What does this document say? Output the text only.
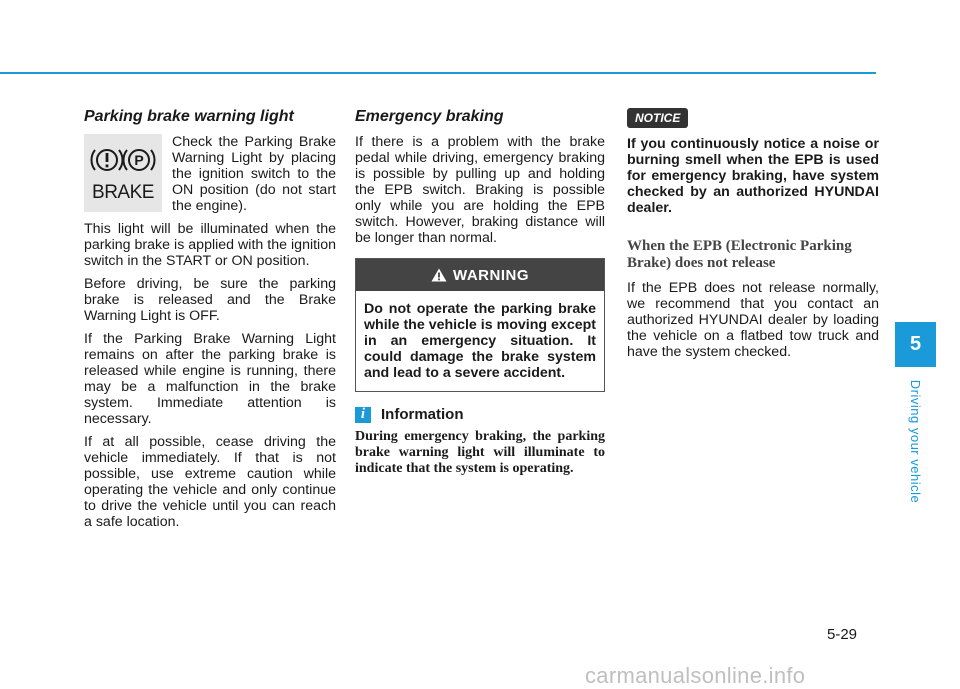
Parking brake warning light
P
BRAKE

Check the Parking Brake Warning Light by placing the ignition switch to the ON position (do not start the engine).

This light will be illuminated when the parking brake is applied with the ignition switch in the START or ON position.

Before driving, be sure the parking brake is released and the Brake Warning Light is OFF.

If the Parking Brake Warning Light remains on after the parking brake is released while engine is running, there may be a malfunction in the brake system. Immediate attention is necessary.

If at all possible, cease driving the vehicle immediately. If that is not possible, use extreme caution while operating the vehicle and only continue to drive the vehicle until you can reach a safe location.

Emergency braking

If there is a problem with the brake pedal while driving, emergency braking is possible by pulling up and holding the EPB switch. Braking is possible only while you are holding the EPB switch. However, braking distance will be longer than normal.

WARNING
Do not operate the parking brake while the vehicle is moving except in an emergency situation. It could damage the brake system and lead to a severe accident.
i	Information

During emergency braking, the parking brake warning light will illuminate to indicate that the system is operating.

NOTICE

If you continuously notice a noise or burning smell when the EPB is used for emergency braking, have system checked by an authorized HYUNDAI dealer.

When the EPB (Electronic Parking Brake) does not release

If the EPB does not release normally, we recommend that you contact an authorized HYUNDAI dealer by loading the vehicle on a flatbed tow truck and have the system checked.	5
Driving your vehicle
5-29
carmanualsonline.info
